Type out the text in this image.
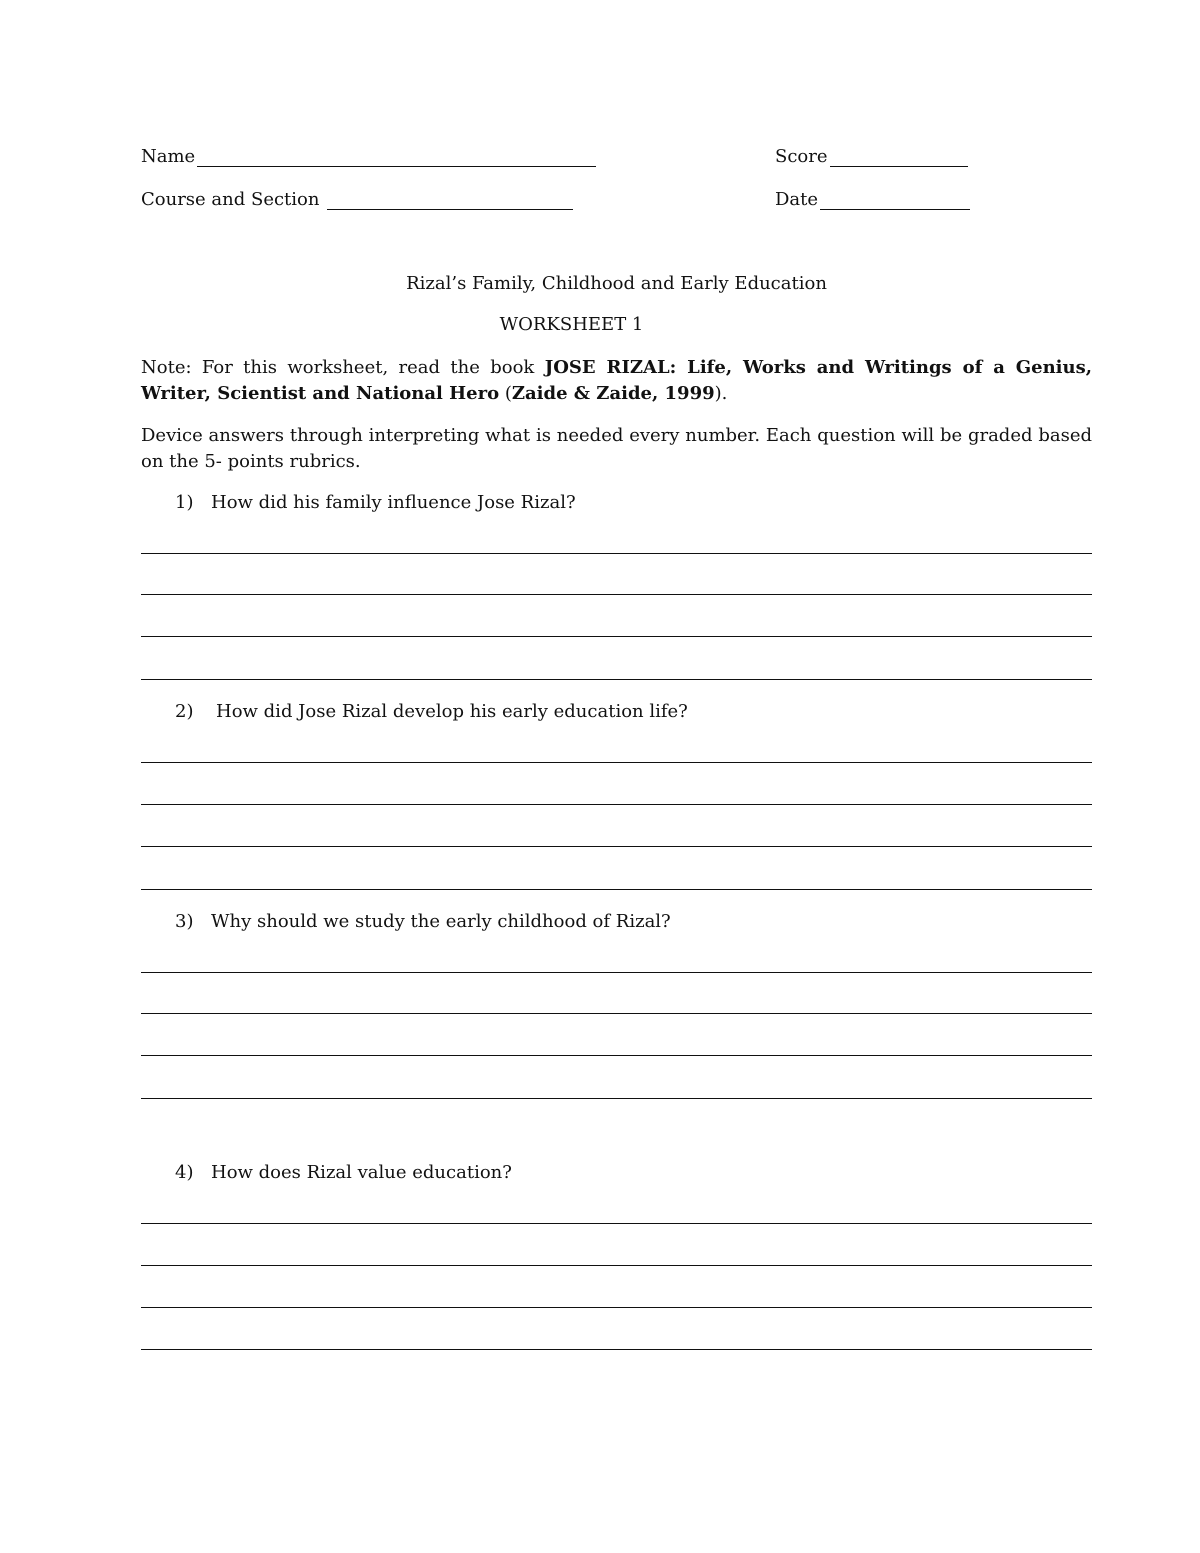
Name	Score
Course and Section	Date
Rizal’s Family, Childhood and Early Education
WORKSHEET 1
Note: For this worksheet, read the book JOSE RIZAL: Life, Works and Writings of a Genius, Writer, Scientist and National Hero (Zaide & Zaide, 1999).
Device answers through interpreting what is needed every number. Each question will be graded based on the 5- points rubrics.
1) How did his family influence Jose Rizal?
2) How did Jose Rizal develop his early education life?
3) Why should we study the early childhood of Rizal?
4) How does Rizal value education?
